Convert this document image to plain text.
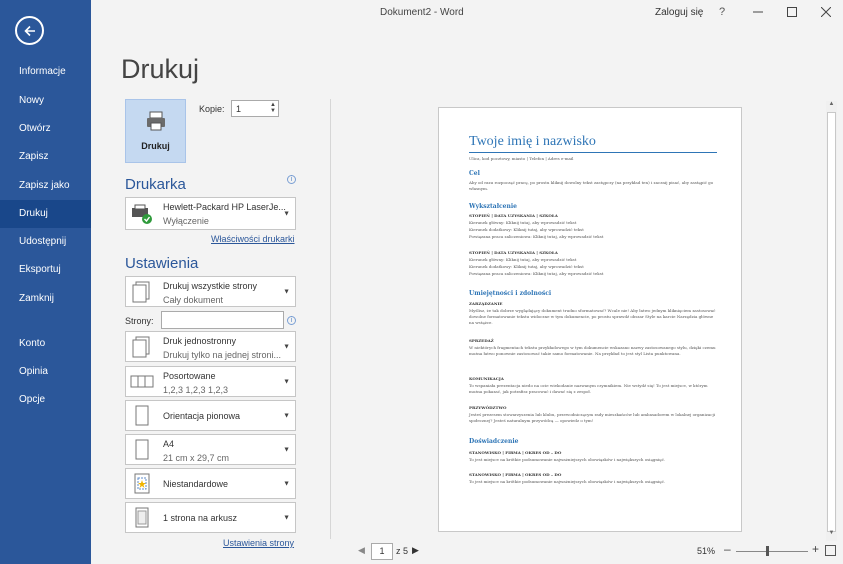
Informacje
Nowy
Otwórz
Zapisz
Zapisz jako
Drukuj
Udostępnij
Eksportuj
Zamknij
Konto
Opinia
Opcje
Dokument2 - Word	Zaloguj się	?
Drukuj
Drukuj
Kopie:	1	▲
▼
Drukarka	i
Hewlett-Packard HP LaserJe...
Wyłączenie
▼
Właściwości drukarki
Ustawienia
Drukuj wszystkie strony
Cały dokument
▼
Strony:	i
Druk jednostronny
Drukuj tylko na jednej stroni...
▼
Posortowane
1,2,3 1,2,3 1,2,3
▼
Orientacja pionowa	▼
A4
21 cm x 29,7 cm
▼
Niestandardowe	▼
1 strona na arkusz	▼
Ustawienia strony
Twoje imię i nazwisko
Ulica, kod pocztowy, miasto | Telefon | Adres e-mail
Cel
Aby od razu rozpocząć pracę, po prostu kliknij dowolny tekst zastępczy (na przykład ten) i zacznij pisać, aby zastąpić go własnym.
Wykształcenie
STOPIEŃ | DATA UZYSKANIA | SZKOŁA
Kierunek główny: Kliknij tutaj, aby wprowadzić tekst
Kierunek dodatkowy: Kliknij tutaj, aby wprowadzić tekst
Powiązana praca zaliczeniowa: Kliknij tutaj, aby wprowadzić tekst
STOPIEŃ | DATA UZYSKANIA | SZKOŁA
Kierunek główny: Kliknij tutaj, aby wprowadzić tekst
Kierunek dodatkowy: Kliknij tutaj, aby wprowadzić tekst
Powiązana praca zaliczeniowa: Kliknij tutaj, aby wprowadzić tekst
Umiejętności i zdolności
ZARZĄDZANIE
Myślisz, że tak dobrze wyglądający dokument trudno sformatować? Wcale nie! Aby łatwo jednym kliknięciem zastosować dowolne formatowanie tekstu widoczne w tym dokumencie, po prostu sprawdź obszar Style na karcie Narzędzia główne na wstążce.
SPRZEDAŻ
W niektórych fragmentach tekstu przykładowego w tym dokumencie wskazano nazwy zastosowanego stylu, dzięki czemu można łatwo ponownie zastosować takie samo formatowanie. Na przykład to jest styl Lista punktowana.
KOMUNIKACJA
To wspaniała prezentacja niedo na ocie wiekodanie nazwanym czymnikiem. Nie wstydź się! To jest miejsce, w którym można pokazać, jak potrafisz pracować i dawać się z zespoł.
PRZYWÓDZTWO
Jesteś prezesem stowarzyszenia lub klubu, przewodniczącym rady mieszkańców lub ambasadorem w lokalnej organizacji społecznej? Jesteś naturalnym przywódcą — opowiedz o tym!
Doświadczenie
STANOWISKO | FIRMA | OKRES OD – DO
To jest miejsce na krótkie podsumowanie najważniejszych obowiązków i największych osiągnięć.
STANOWISKO | FIRMA | OKRES OD – DO
To jest miejsce na krótkie podsumowanie najważniejszych obowiązków i największych osiągnięć.
▲
▼
◀	1	z 5 ▶	51% –	+
